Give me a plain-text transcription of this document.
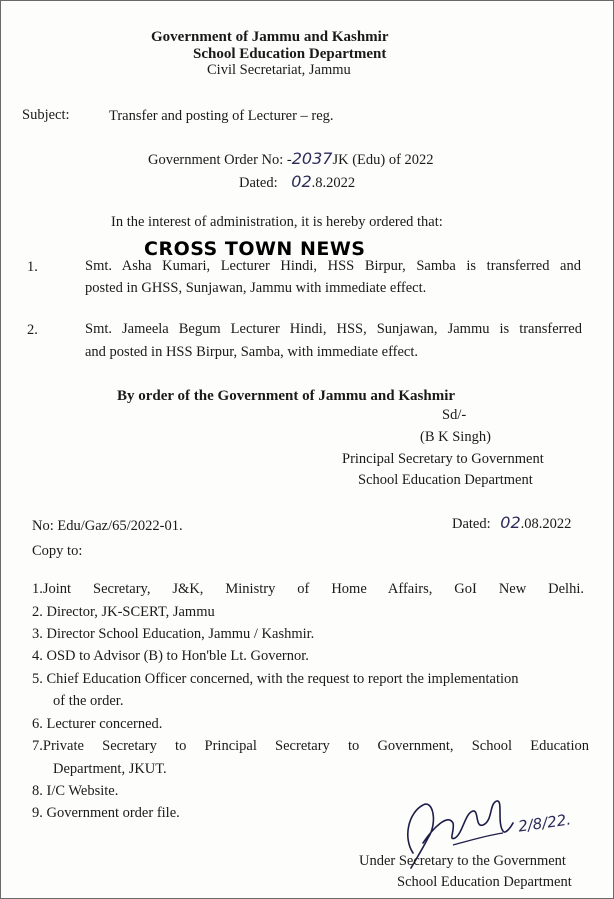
Government of Jammu and Kashmir
School Education Department
Civil Secretariat, Jammu
Subject:	Transfer and posting of Lecturer – reg.
Government Order No: -2037JK (Edu) of 2022
Dated: 02.8.2022
In the interest of administration, it is hereby ordered that:
CROSS TOWN NEWS
1.	Smt. Asha Kumari, Lecturer Hindi, HSS Birpur, Samba is transferred and
posted in GHSS, Sunjawan, Jammu with immediate effect.
2.	Smt. Jameela Begum Lecturer Hindi, HSS, Sunjawan, Jammu is transferred
and posted in HSS Birpur, Samba, with immediate effect.
By order of the Government of Jammu and Kashmir
Sd/-
(B K Singh)
Principal Secretary to Government
School Education Department
No: Edu/Gaz/65/2022-01.	Dated: 02.08.2022
Copy to:
1.Joint Secretary, J&K, Ministry of Home Affairs, GoI New Delhi.
2. Director, JK-SCERT, Jammu
3. Director School Education, Jammu / Kashmir.
4. OSD to Advisor (B) to Hon'ble Lt. Governor.
5. Chief Education Officer concerned, with the request to report the implementation
of the order.
6. Lecturer concerned.
7.Private Secretary to Principal Secretary to Government, School Education
Department, JKUT.
8. I/C Website.
9. Government order file.	2/8/22.
Under Secretary to the Government
School Education Department
